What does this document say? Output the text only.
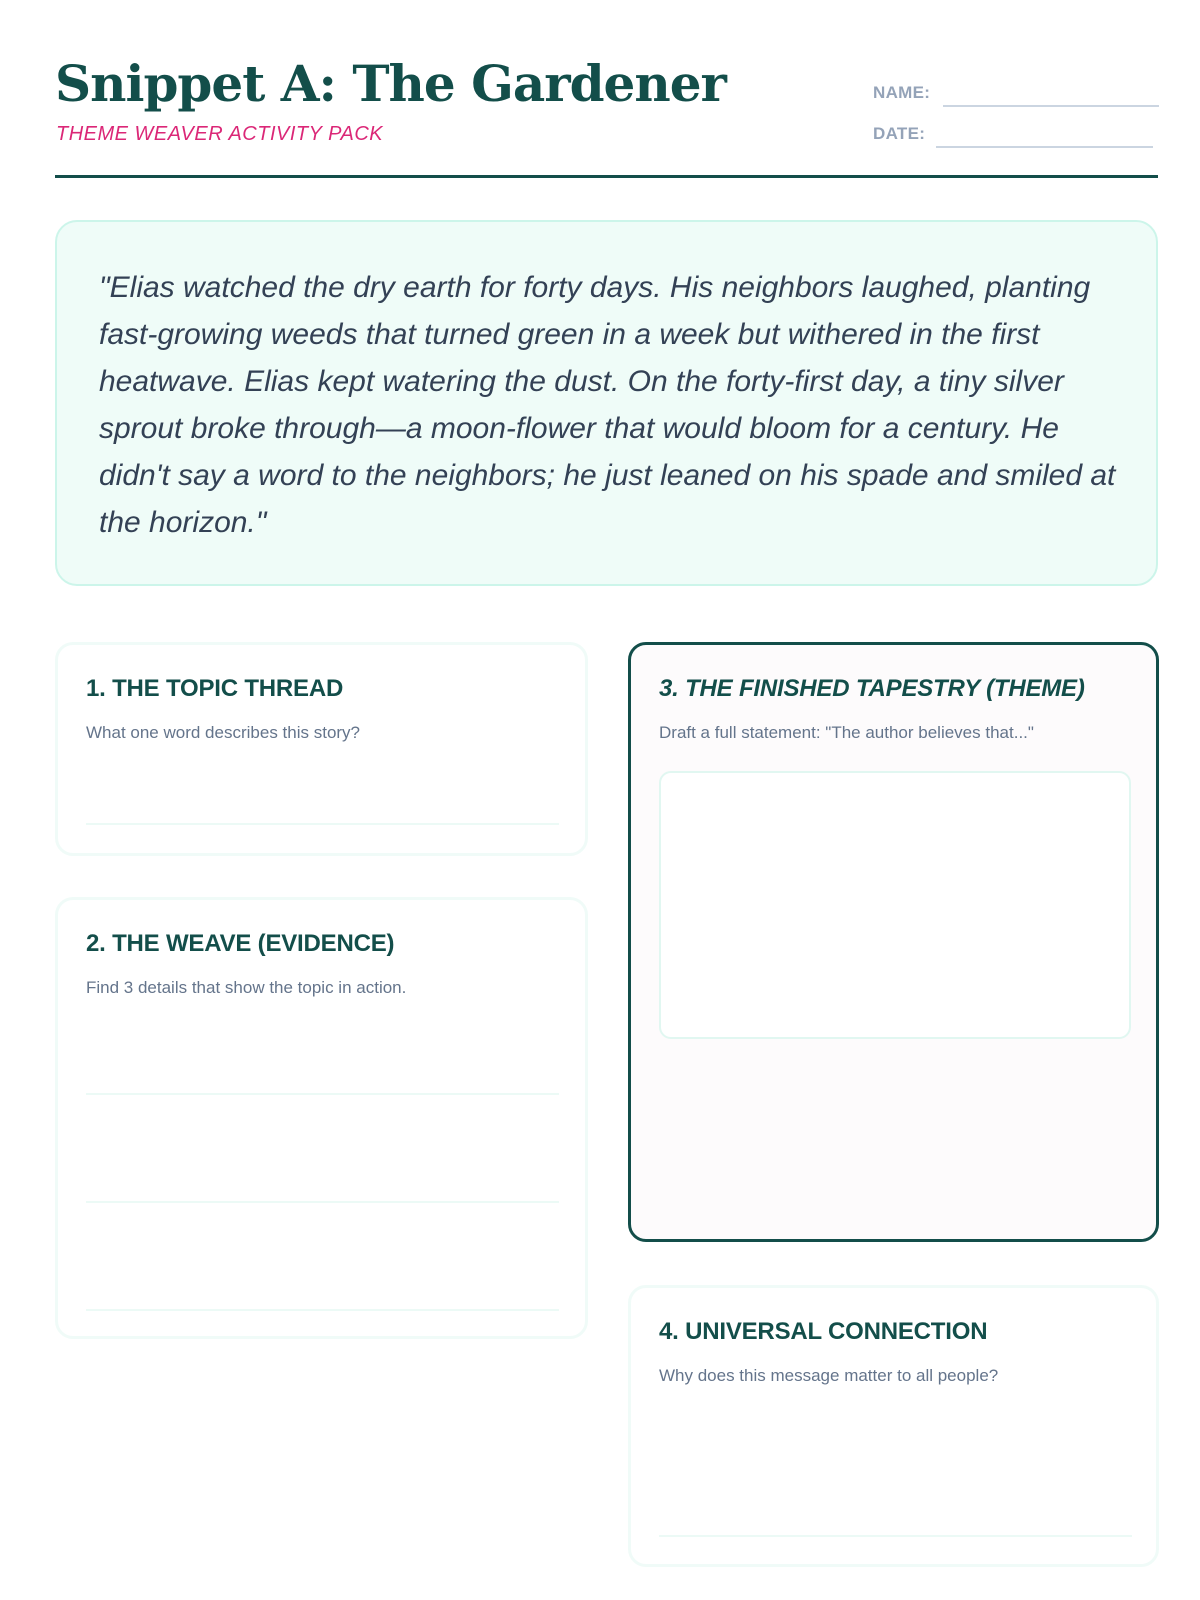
Snippet A: The Gardener
THEME WEAVER ACTIVITY PACK
NAME:
DATE:

"Elias watched the dry earth for forty days. His neighbors laughed, planting fast-growing weeds that turned green in a week but withered in the first heatwave. Elias kept watering the dust. On the forty-first day, a tiny silver sprout broke through—a moon-flower that would bloom for a century. He didn't say a word to the neighbors; he just leaned on his spade and smiled at the horizon."

1. THE TOPIC THREAD

What one word describes this story?

2. THE WEAVE (EVIDENCE)

Find 3 details that show the topic in action.

3. THE FINISHED TAPESTRY (THEME)

Draft a full statement: "The author believes that..."

4. UNIVERSAL CONNECTION

Why does this message matter to all people?
